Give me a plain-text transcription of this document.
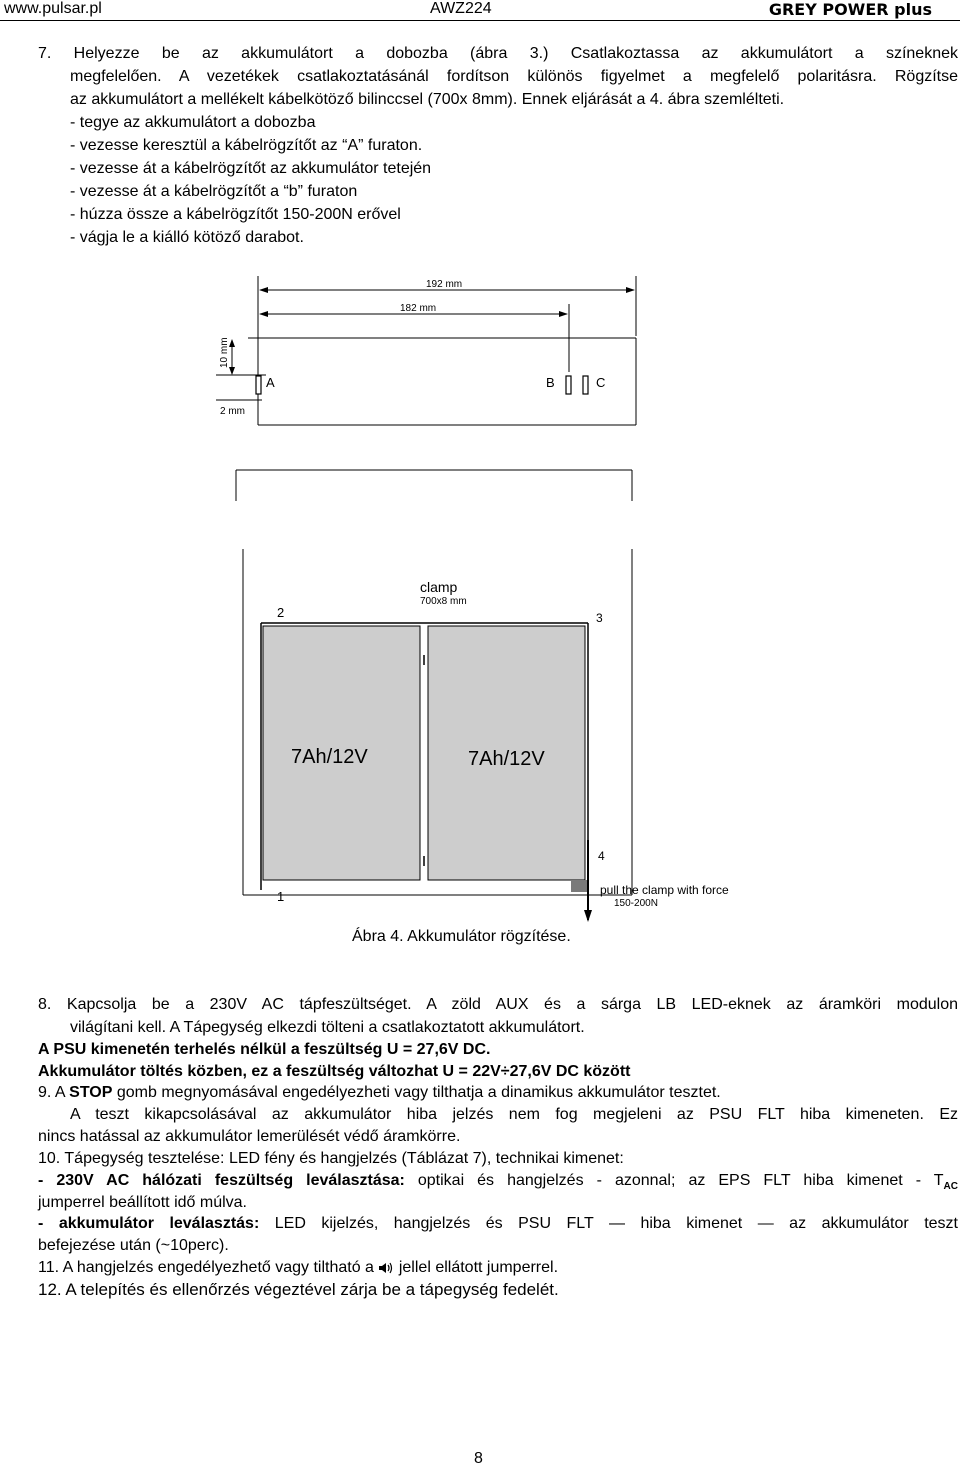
www.pulsar.pl	AWZ224	GREY POWER plus

7. Helyezze be az akkumulátort a dobozba (ábra 3.) Csatlakoztassa az akkumulátort a színeknek

megfelelően. A vezetékek csatlakoztatásánál fordítson különös figyelmet a megfelelő polaritásra. Rögzítse

az akkumulátort a mellékelt kábelkötöző bilinccsel (700x 8mm). Ennek eljárását a 4. ábra szemlélteti.

- tegye az akkumulátort a dobozba

- vezesse keresztül a kábelrögzítőt az “A” furaton.

- vezesse át a kábelrögzítőt az akkumulátor tetején

- vezesse át a kábelrögzítőt a “b” furaton

- húzza össze a kábelrögzítőt 150-200N erővel

- vágja le a kiálló kötöző darabot.

192 mm
182 mm
10 mm
2 mm
A	B	C
clamp
700x8 mm
7Ah/12V	7Ah/12V
2	3
4
1	pull the clamp with force
150-200N
Ábra 4. Akkumulátor rögzítése.

8. Kapcsolja be a 230V AC tápfeszültséget. A zöld AUX és a sárga LB LED-eknek az áramköri modulon

világítani kell. A Tápegység elkezdi tölteni a csatlakoztatott akkumulátort.

A PSU kimenetén terhelés nélkül a feszültség U = 27,6V DC.

Akkumulátor töltés közben, ez a feszültség változhat U = 22V÷27,6V DC között

9. A STOP gomb megnyomásával engedélyezheti vagy tilthatja a dinamikus akkumulátor tesztet.

A teszt kikapcsolásával az akkumulátor hiba jelzés nem fog megjeleni az PSU FLT hiba kimeneten. Ez

nincs hatással az akkumulátor lemerülését védő áramkörre.

10. Tápegység tesztelése: LED fény és hangjelzés (Táblázat 7), technikai kimenet:

- 230V AC hálózati feszültség leválasztása: optikai és hangjelzés - azonnal; az EPS FLT hiba kimenet - $T_{AC}$

jumperrel beállított idő múlva.

- akkumulátor leválasztás: LED kijelzés, hangjelzés és PSU FLT ― hiba kimenet ― az akkumulátor teszt

befejezése után (~10perc).

11. A hangjelzés engedélyezhető vagy tiltható a  jellel ellátott jumperrel.

12. A telepítés és ellenőrzés végeztével zárja be a tápegység fedelét.

8
